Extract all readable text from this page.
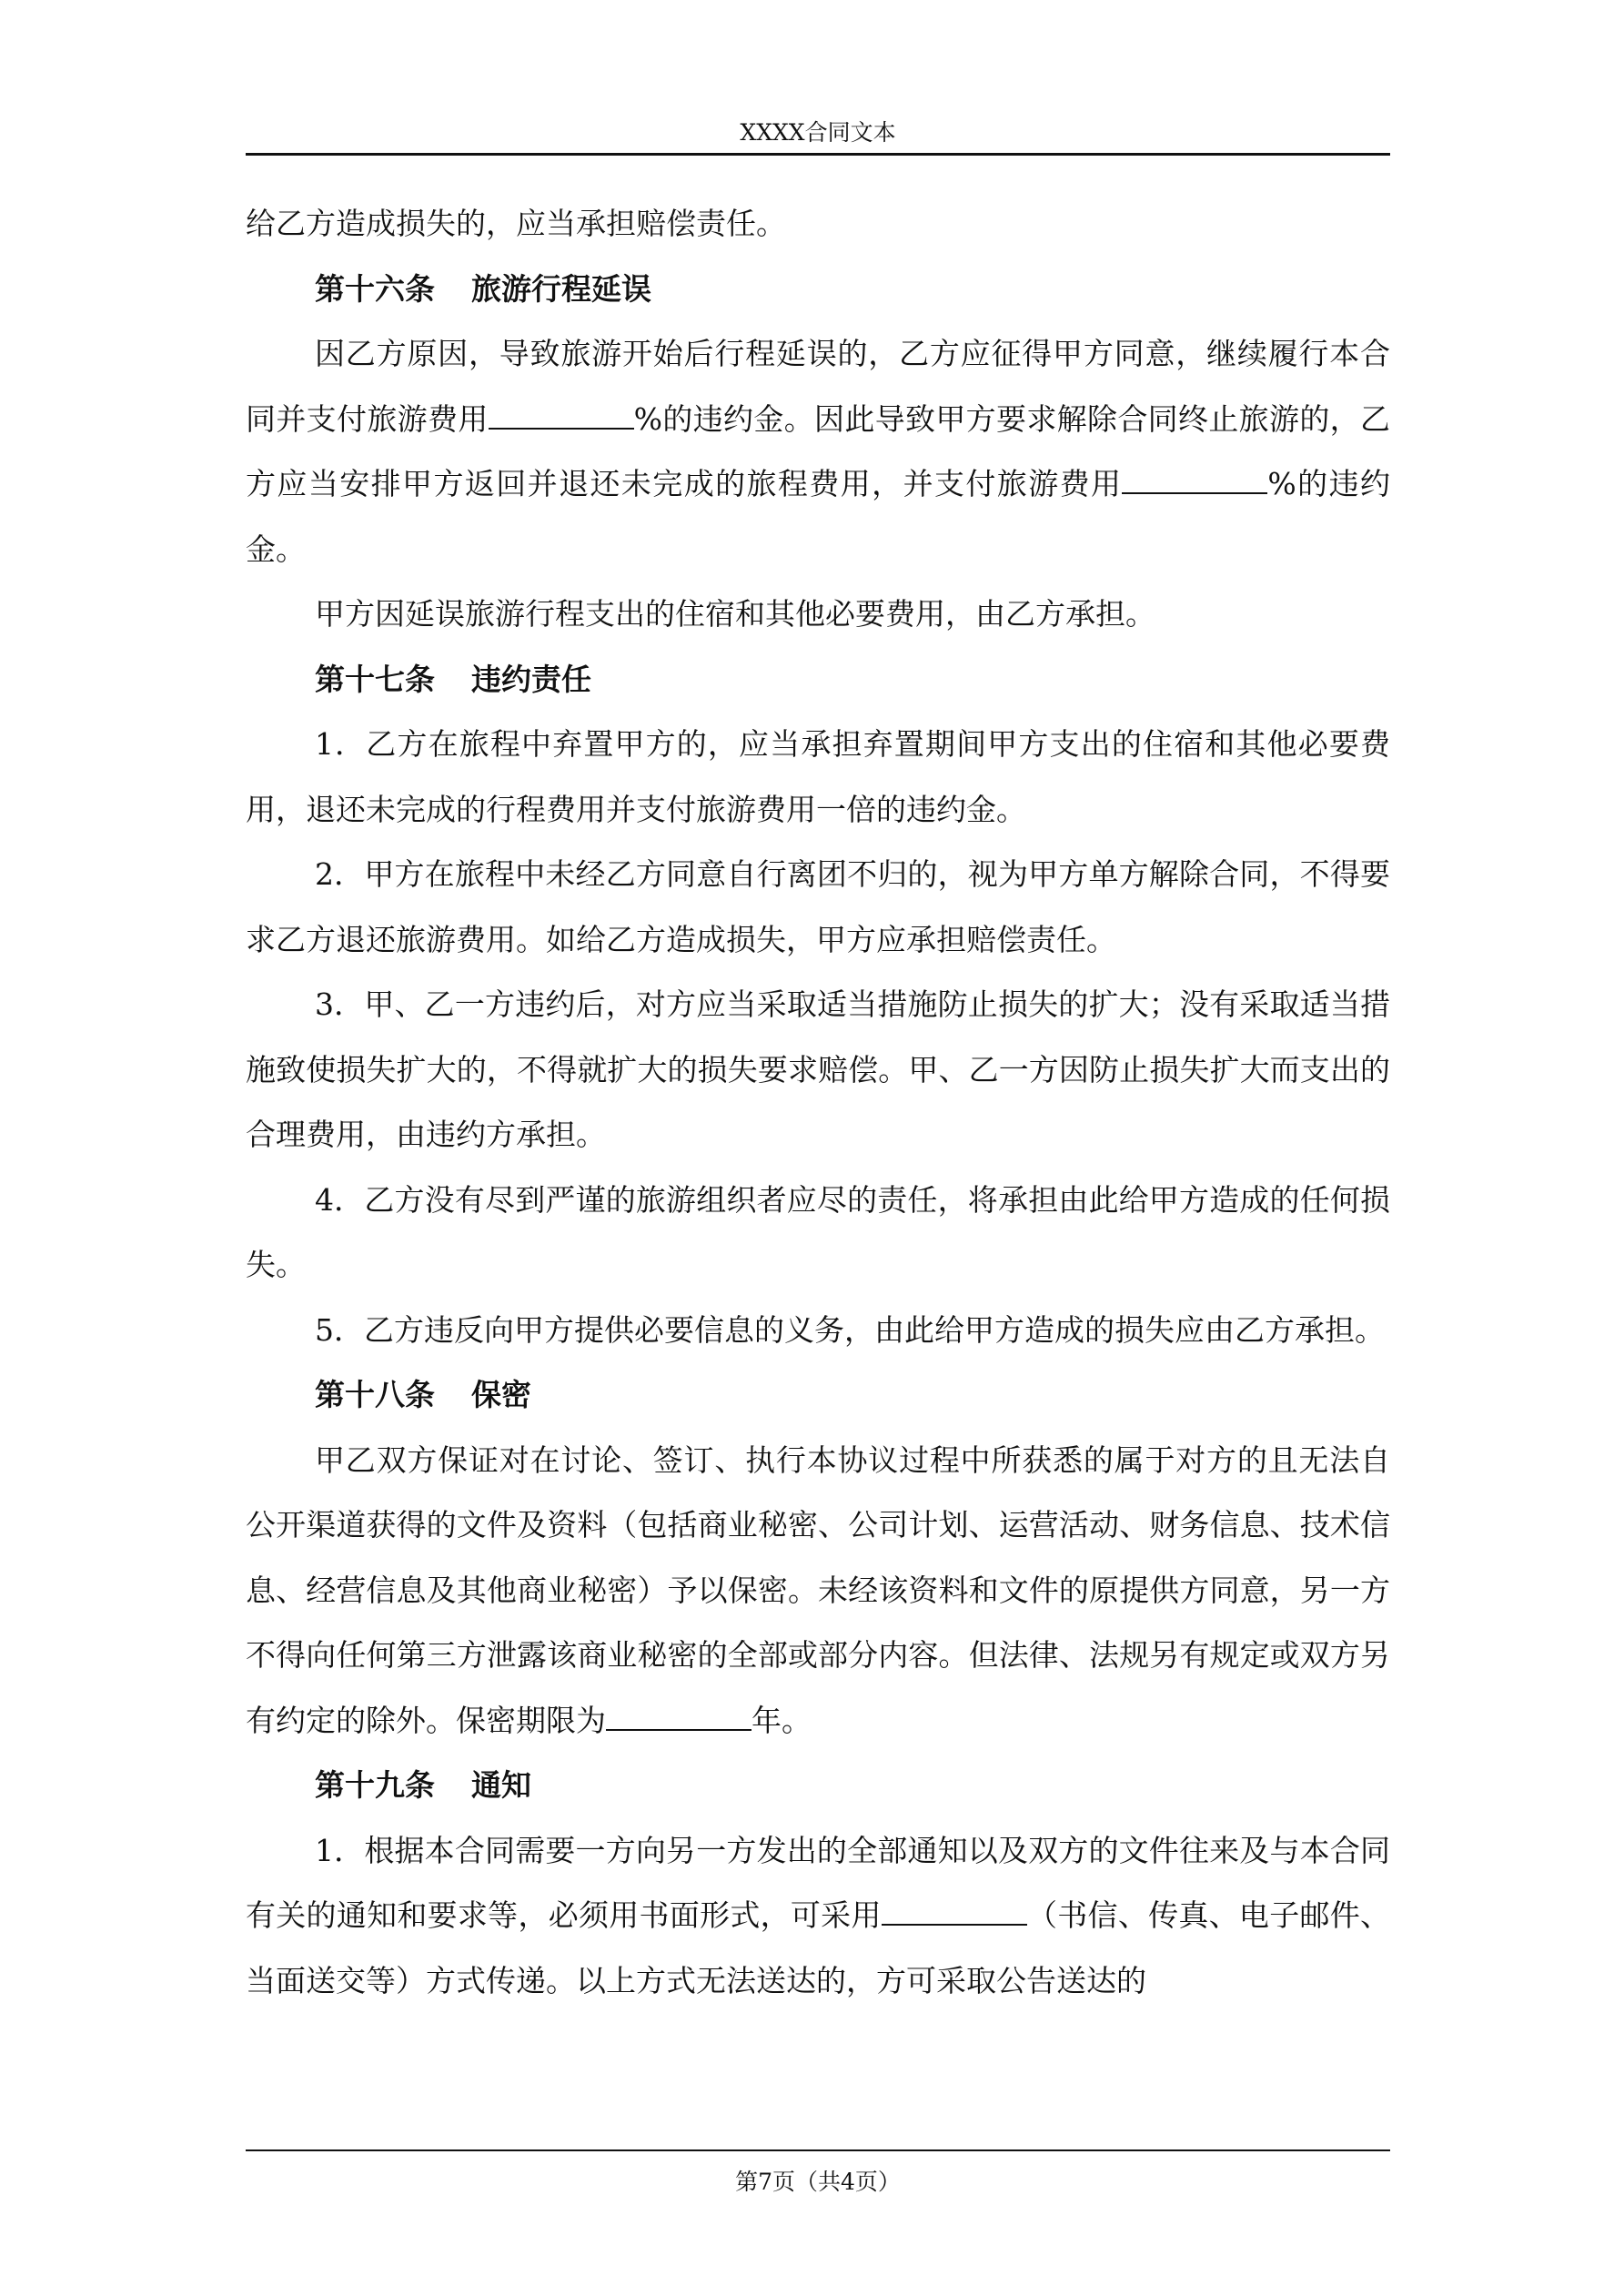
XXXX合同文本

给乙方造成损失的，应当承担赔偿责任。

第十六条 旅游行程延误

因乙方原因，导致旅游开始后行程延误的，乙方应征得甲方同意，继续履行本合同并支付旅游费用	%的违约金。因此导致甲方要求解除合同终止旅游的，乙方应当安排甲方返回并退还未完成的旅程费用，并支付旅游费用	%的违约金。

甲方因延误旅游行程支出的住宿和其他必要费用，由乙方承担。

第十七条 违约责任

1．乙方在旅程中弃置甲方的，应当承担弃置期间甲方支出的住宿和其他必要费用，退还未完成的行程费用并支付旅游费用一倍的违约金。

2．甲方在旅程中未经乙方同意自行离团不归的，视为甲方单方解除合同，不得要求乙方退还旅游费用。如给乙方造成损失，甲方应承担赔偿责任。

3．甲、乙一方违约后，对方应当采取适当措施防止损失的扩大；没有采取适当措施致使损失扩大的，不得就扩大的损失要求赔偿。甲、乙一方因防止损失扩大而支出的合理费用，由违约方承担。

4．乙方没有尽到严谨的旅游组织者应尽的责任，将承担由此给甲方造成的任何损失。

5．乙方违反向甲方提供必要信息的义务，由此给甲方造成的损失应由乙方承担。

第十八条 保密

甲乙双方保证对在讨论、签订、执行本协议过程中所获悉的属于对方的且无法自公开渠道获得的文件及资料（包括商业秘密、公司计划、运营活动、财务信息、技术信息、经营信息及其他商业秘密）予以保密。未经该资料和文件的原提供方同意，另一方不得向任何第三方泄露该商业秘密的全部或部分内容。但法律、法规另有规定或双方另有约定的除外。保密期限为	年。

第十九条 通知

1．根据本合同需要一方向另一方发出的全部通知以及双方的文件往来及与本合同有关的通知和要求等，必须用书面形式，可采用	（书信、传真、电子邮件、当面送交等）方式传递。以上方式无法送达的，方可采取公告送达的

第7页（共4页）
